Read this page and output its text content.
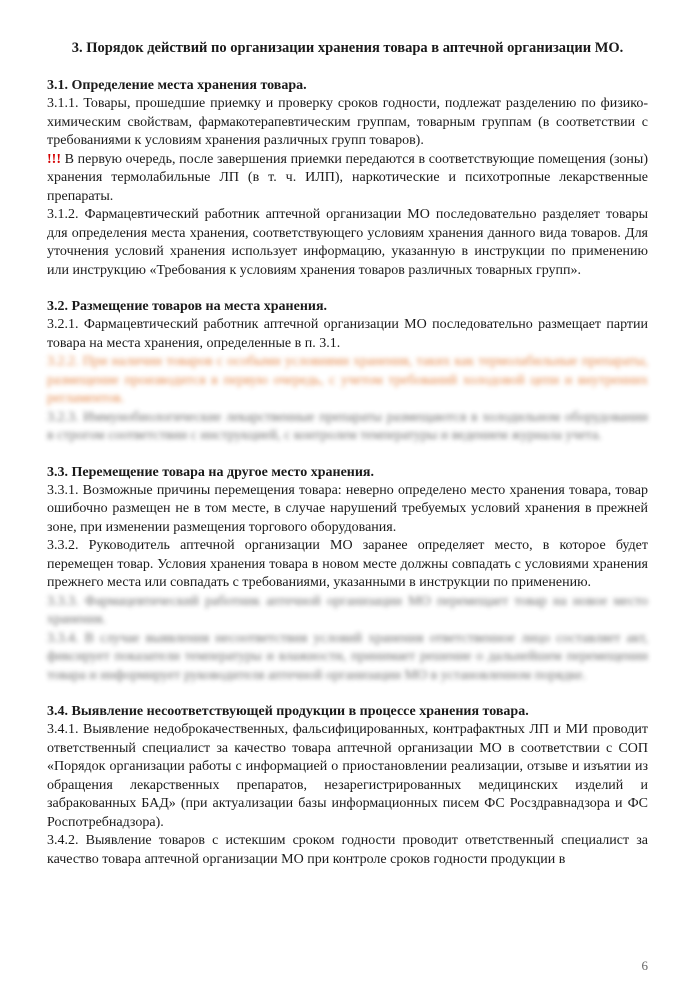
3. Порядок действий по организации хранения товара в аптечной организации МО.
3.1. Определение места хранения товара.

3.1.1. Товары, прошедшие приемку и проверку сроков годности, подлежат разделению по физико-химическим свойствам, фармакотерапевтическим группам, товарным группам (в соответствии с требованиями к условиям хранения различных групп товаров).

!!! В первую очередь, после завершения приемки передаются в соответствующие помещения (зоны) хранения термолабильные ЛП (в т. ч. ИЛП), наркотические и психотропные лекарственные препараты.

3.1.2. Фармацевтический работник аптечной организации МО последовательно разделяет товары для определения места хранения, соответствующего условиям хранения данного вида товаров. Для уточнения условий хранения использует информацию, указанную в инструкции по применению или инструкцию «Требования к условиям хранения товаров различных товарных групп».

3.2. Размещение товаров на места хранения.

3.2.1. Фармацевтический работник аптечной организации МО последовательно размещает партии товара на места хранения, определенные в п. 3.1.

3.2.2. При наличии товаров с особыми условиями хранения, таких как термолабильные препараты, размещение производится в первую очередь, с учетом требований холодовой цепи и внутренних регламентов.

3.2.3. Иммунобиологические лекарственные препараты размещаются в холодильном оборудовании в строгом соответствии с инструкцией, с контролем температуры и ведением журнала учета.

3.3. Перемещение товара на другое место хранения.

3.3.1. Возможные причины перемещения товара: неверно определено место хранения товара, товар ошибочно размещен не в том месте, в случае нарушений требуемых условий хранения в прежней зоне, при изменении размещения торгового оборудования.

3.3.2. Руководитель аптечной организации МО заранее определяет место, в которое будет перемещен товар. Условия хранения товара в новом месте должны совпадать с условиями хранения прежнего места или совпадать с требованиями, указанными в инструкции по применению.

3.3.3. Фармацевтический работник аптечной организации МО перемещает товар на новое место хранения.

3.3.4. В случае выявления несоответствия условий хранения ответственное лицо составляет акт, фиксирует показатели температуры и влажности, принимает решение о дальнейшем перемещении товара и информирует руководителя аптечной организации МО в установленном порядке.

3.4. Выявление несоответствующей продукции в процессе хранения товара.

3.4.1. Выявление недоброкачественных, фальсифицированных, контрафактных ЛП и МИ проводит ответственный специалист за качество товара аптечной организации МО в соответствии с СОП «Порядок организации работы с информацией о приостановлении реализации, отзыве и изъятии из обращения лекарственных препаратов, незарегистрированных медицинских изделий и забракованных БАД» (при актуализации базы информационных писем ФС Росздравнадзора и ФС Роспотребнадзора).

3.4.2. Выявление товаров с истекшим сроком годности проводит ответственный специалист за качество товара аптечной организации МО при контроле сроков годности продукции в

6
